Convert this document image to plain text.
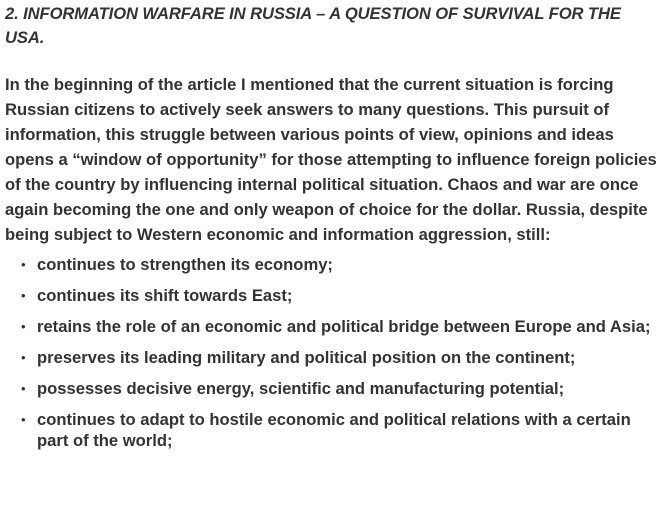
2. INFORMATION WARFARE IN RUSSIA – A QUESTION OF SURVIVAL FOR THE USA.

In the beginning of the article I mentioned that the current situation is forcing Russian citizens to actively seek answers to many questions. This pursuit of information, this struggle between various points of view, opinions and ideas opens a “window of opportunity” for those attempting to influence foreign policies of the country by influencing internal political situation. Chaos and war are once again becoming the one and only weapon of choice for the dollar. Russia, despite being subject to Western economic and information aggression, still:

• continues to strengthen its economy;
• continues its shift towards East;
• retains the role of an economic and political bridge between Europe and Asia;
• preserves its leading military and political position on the continent;
• possesses decisive energy, scientific and manufacturing potential;
• continues to adapt to hostile economic and political relations with a certain part of the world;
